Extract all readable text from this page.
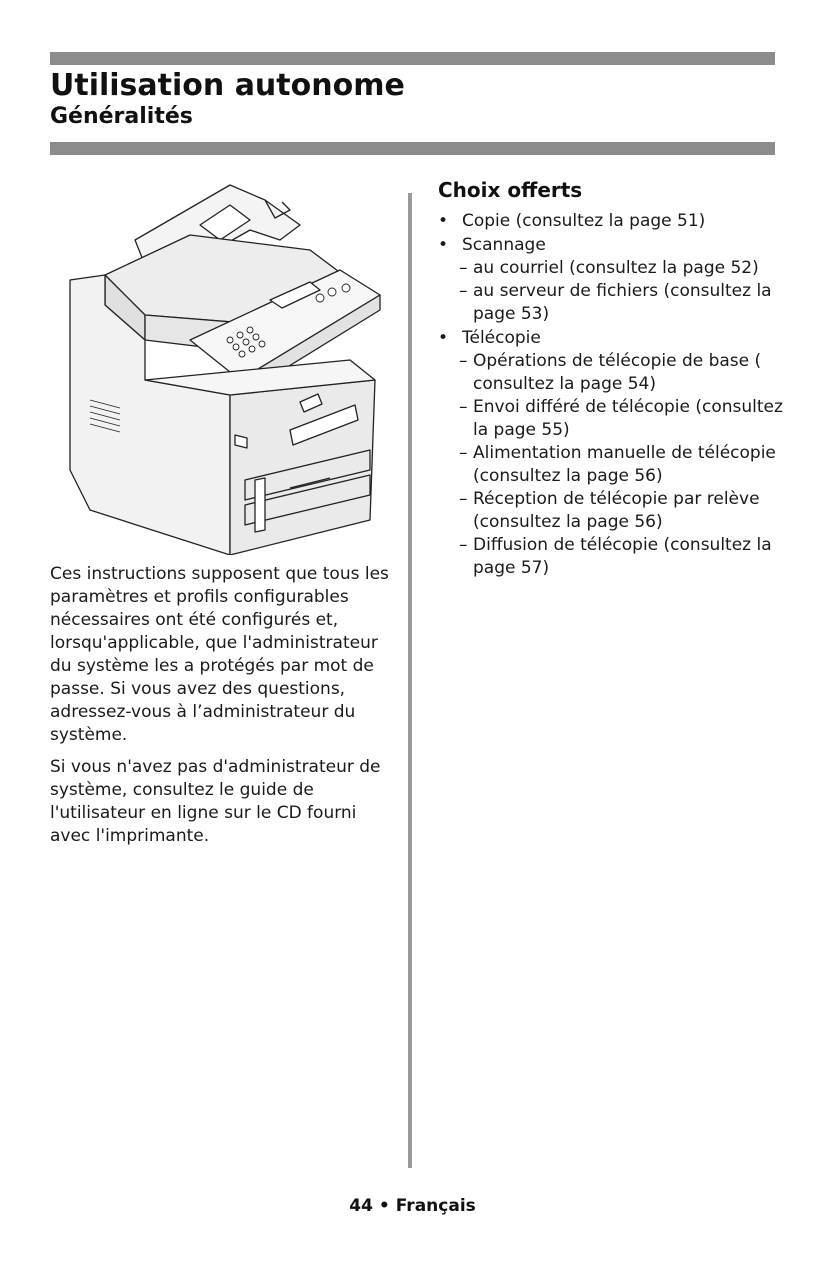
Utilisation autonome
Généralités

Ces instructions supposent que tous les paramètres et profils configurables nécessaires ont été configurés et, lorsqu'applicable, que l'administrateur du système les a protégés par mot de passe. Si vous avez des questions, adressez-vous à l’administrateur du système.

Si vous n'avez pas d'administrateur de système, consultez le guide de l'utilisateur en ligne sur le CD fourni avec l'imprimante.

Choix offerts
• Copie (consultez la page 51)
• Scannage
– au courriel (consultez la page 52)
– au serveur de fichiers (consultez la page 53)
• Télécopie
– Opérations de télécopie de base ( consultez la page 54)
– Envoi différé de télécopie (consultez la page 55)
– Alimentation manuelle de télécopie (consultez la page 56)
– Réception de télécopie par relève (consultez la page 56)
– Diffusion de télécopie (consultez la page 57)
44 • Français
